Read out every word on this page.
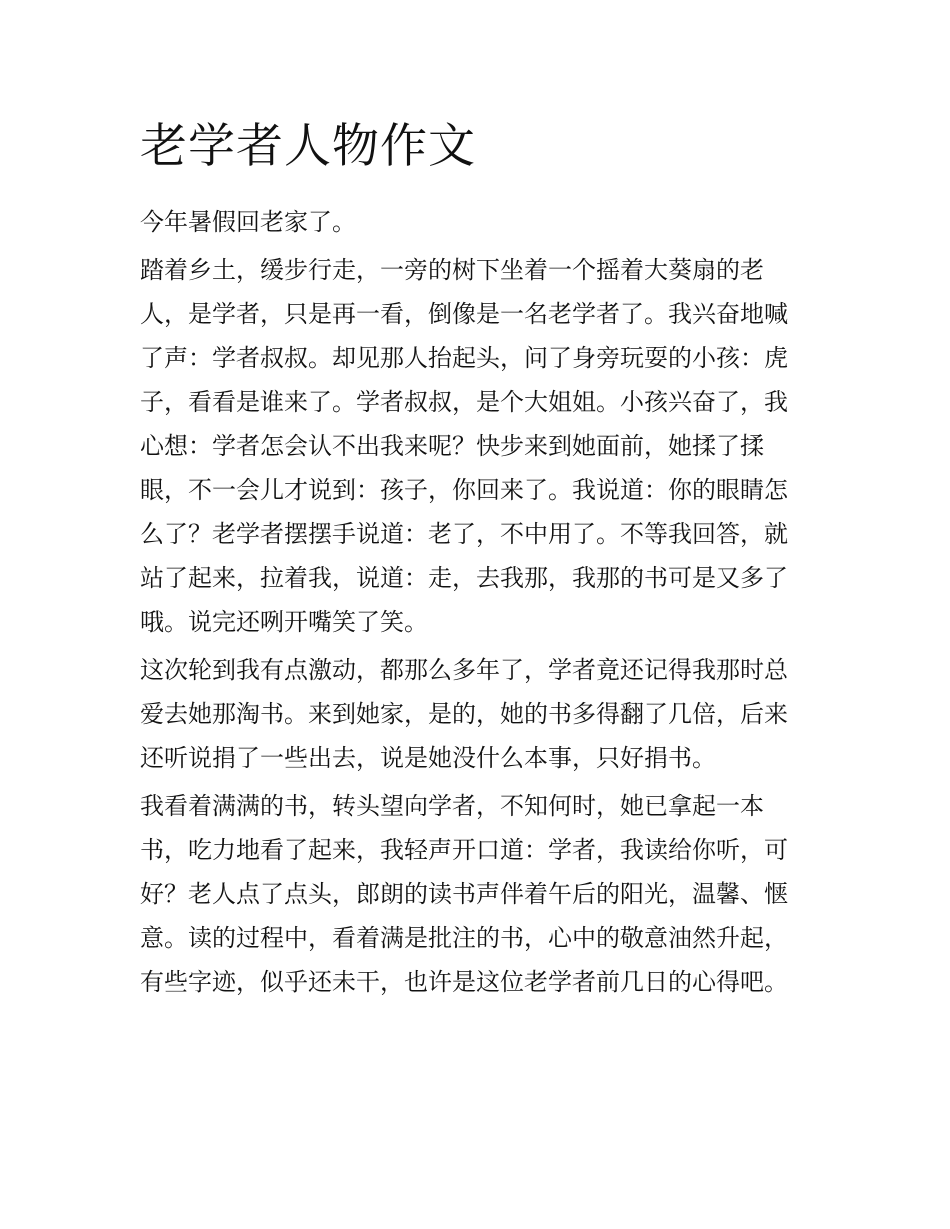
老学者人物作文

今年暑假回老家了。

踏着乡土，缓步行走，一旁的树下坐着一个摇着大葵扇的老
人，是学者，只是再一看，倒像是一名老学者了。我兴奋地喊
了声：学者叔叔。却见那人抬起头，问了身旁玩耍的小孩：虎
子，看看是谁来了。学者叔叔，是个大姐姐。小孩兴奋了，我
心想：学者怎会认不出我来呢？快步来到她面前，她揉了揉
眼，不一会儿才说到：孩子，你回来了。我说道：你的眼睛怎
么了？老学者摆摆手说道：老了，不中用了。不等我回答，就
站了起来，拉着我，说道：走，去我那，我那的书可是又多了
哦。说完还咧开嘴笑了笑。

这次轮到我有点激动，都那么多年了，学者竟还记得我那时总
爱去她那淘书。来到她家，是的，她的书多得翻了几倍，后来
还听说捐了一些出去，说是她没什么本事，只好捐书。

我看着满满的书，转头望向学者，不知何时，她已拿起一本
书，吃力地看了起来，我轻声开口道：学者，我读给你听，可
好？老人点了点头，郎朗的读书声伴着午后的阳光，温馨、惬
意。读的过程中，看着满是批注的书，心中的敬意油然升起，
有些字迹，似乎还未干，也许是这位老学者前几日的心得吧。
